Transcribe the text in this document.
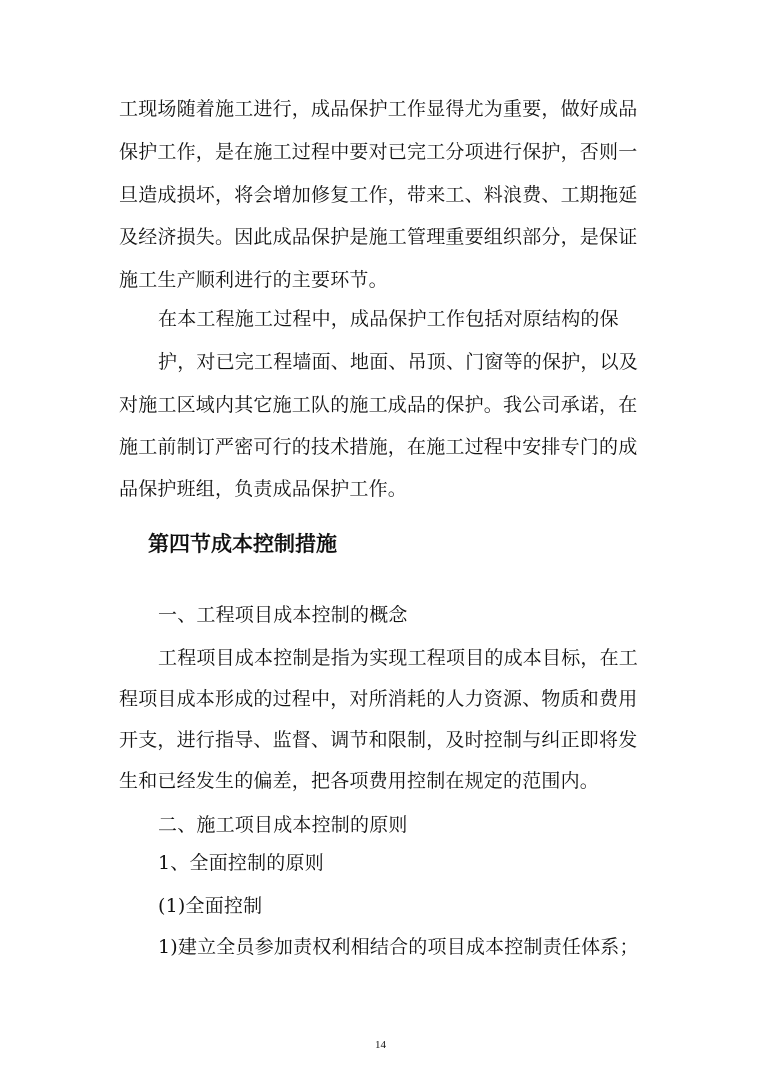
工现场随着施工进行，成品保护工作显得尤为重要，做好成品
保护工作，是在施工过程中要对已完工分项进行保护，否则一
旦造成损坏，将会增加修复工作，带来工、料浪费、工期拖延
及经济损失。因此成品保护是施工管理重要组织部分，是保证
施工生产顺利进行的主要环节。
在本工程施工过程中，成品保护工作包括对原结构的保
护，对已完工程墙面、地面、吊顶、门窗等的保护，以及
对施工区域内其它施工队的施工成品的保护。我公司承诺，在
施工前制订严密可行的技术措施，在施工过程中安排专门的成
品保护班组，负责成品保护工作。
第四节成本控制措施
一、工程项目成本控制的概念
工程项目成本控制是指为实现工程项目的成本目标，在工
程项目成本形成的过程中，对所消耗的人力资源、物质和费用
开支，进行指导、监督、调节和限制，及时控制与纠正即将发
生和已经发生的偏差，把各项费用控制在规定的范围内。
二、施工项目成本控制的原则
1、全面控制的原则
(1)全面控制
1)建立全员参加责权利相结合的项目成本控制责任体系；
14
